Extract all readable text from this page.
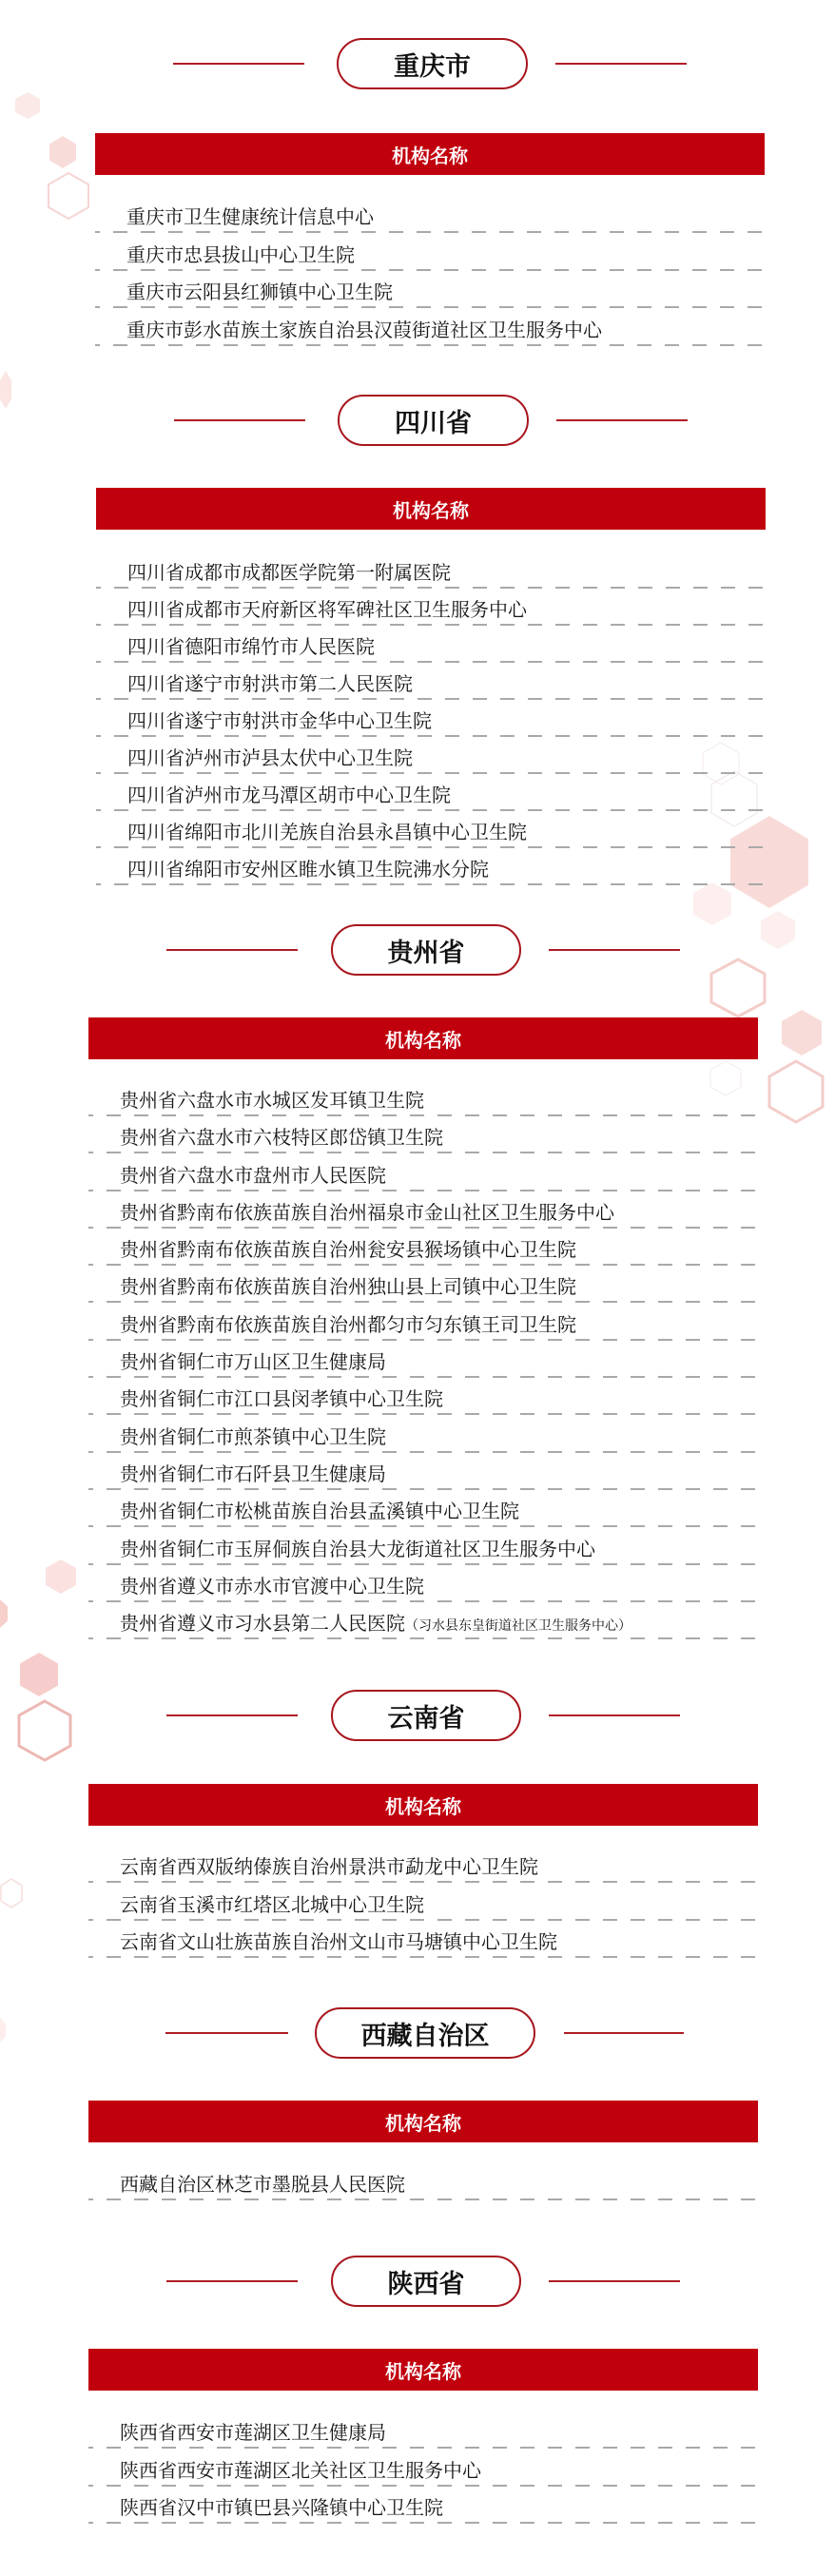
重庆市
机构名称
重庆市卫生健康统计信息中心
重庆市忠县拔山中心卫生院
重庆市云阳县红狮镇中心卫生院
重庆市彭水苗族土家族自治县汉葭街道社区卫生服务中心
四川省
机构名称
四川省成都市成都医学院第一附属医院
四川省成都市天府新区将军碑社区卫生服务中心
四川省德阳市绵竹市人民医院
四川省遂宁市射洪市第二人民医院
四川省遂宁市射洪市金华中心卫生院
四川省泸州市泸县太伏中心卫生院
四川省泸州市龙马潭区胡市中心卫生院
四川省绵阳市北川羌族自治县永昌镇中心卫生院
四川省绵阳市安州区睢水镇卫生院沸水分院
贵州省
机构名称
贵州省六盘水市水城区发耳镇卫生院
贵州省六盘水市六枝特区郎岱镇卫生院
贵州省六盘水市盘州市人民医院
贵州省黔南布依族苗族自治州福泉市金山社区卫生服务中心
贵州省黔南布依族苗族自治州瓮安县猴场镇中心卫生院
贵州省黔南布依族苗族自治州独山县上司镇中心卫生院
贵州省黔南布依族苗族自治州都匀市匀东镇王司卫生院
贵州省铜仁市万山区卫生健康局
贵州省铜仁市江口县闵孝镇中心卫生院
贵州省铜仁市煎茶镇中心卫生院
贵州省铜仁市石阡县卫生健康局
贵州省铜仁市松桃苗族自治县孟溪镇中心卫生院
贵州省铜仁市玉屏侗族自治县大龙街道社区卫生服务中心
贵州省遵义市赤水市官渡中心卫生院
贵州省遵义市习水县第二人民医院（习水县东皇街道社区卫生服务中心）
云南省
机构名称
云南省西双版纳傣族自治州景洪市勐龙中心卫生院
云南省玉溪市红塔区北城中心卫生院
云南省文山壮族苗族自治州文山市马塘镇中心卫生院
西藏自治区
机构名称
西藏自治区林芝市墨脱县人民医院
陕西省
机构名称
陕西省西安市莲湖区卫生健康局
陕西省西安市莲湖区北关社区卫生服务中心
陕西省汉中市镇巴县兴隆镇中心卫生院
